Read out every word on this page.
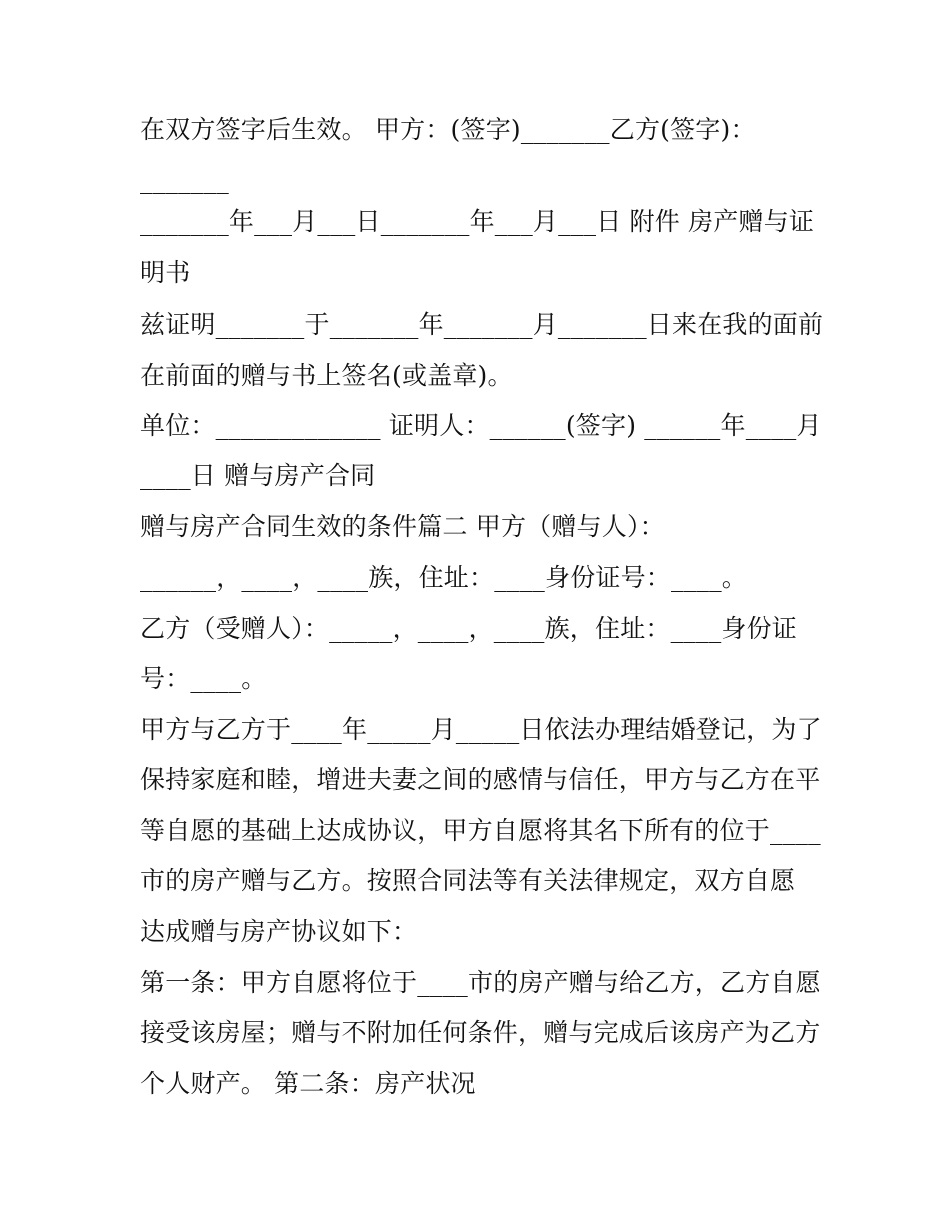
在双方签字后生效。 甲方：(签字)_______乙方(签字)：

_______

_______年___月___日_______年___月___日 附件 房产赠与证

明书

兹证明_______于_______年_______月_______日来在我的面前

在前面的赠与书上签名(或盖章)。

单位：_____________ 证明人：______(签字) ______年____月

____日 赠与房产合同

赠与房产合同生效的条件篇二 甲方（赠与人）：

______，____，____族，住址：____身份证号：____。

乙方（受赠人）：_____，____，____族，住址：____身份证

号：____。

甲方与乙方于____年_____月_____日依法办理结婚登记，为了

保持家庭和睦，增进夫妻之间的感情与信任，甲方与乙方在平

等自愿的基础上达成协议，甲方自愿将其名下所有的位于____

市的房产赠与乙方。按照合同法等有关法律规定，双方自愿

达成赠与房产协议如下：

第一条：甲方自愿将位于____市的房产赠与给乙方，乙方自愿

接受该房屋；赠与不附加任何条件，赠与完成后该房产为乙方

个人财产。 第二条：房产状况
